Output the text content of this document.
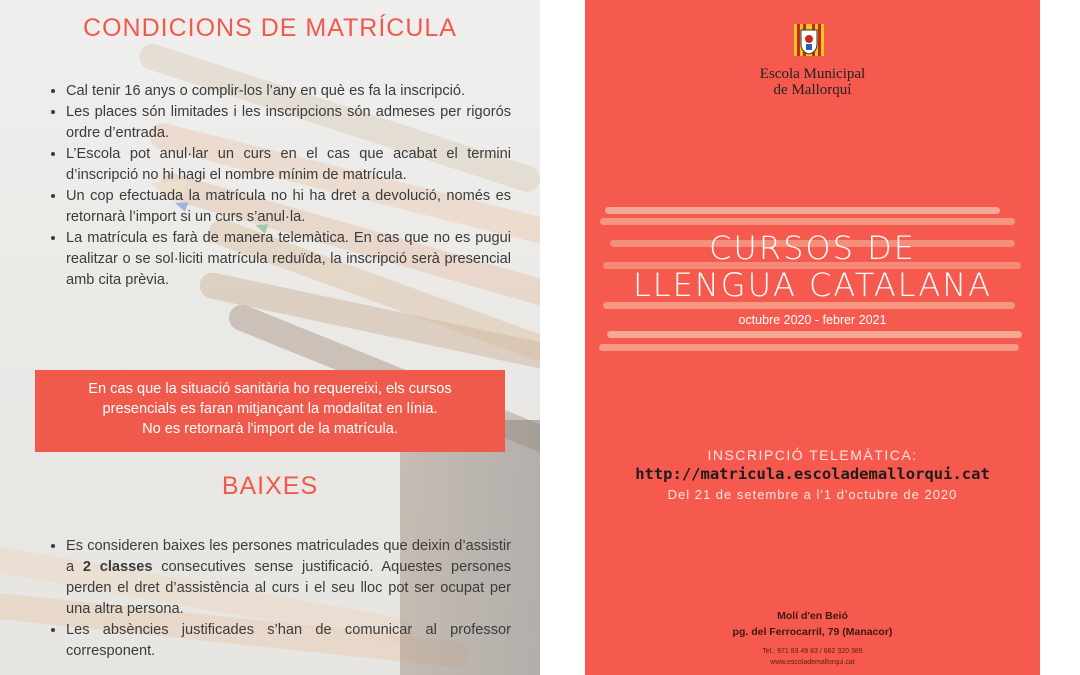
CONDICIONS DE MATRÍCULA
• Cal tenir 16 anys o complir-los l’any en què es fa la inscripció.
• Les places són limitades i les inscripcions són admeses per rigorós ordre d’entrada.
• L’Escola pot anul·lar un curs en el cas que acabat el termini d’inscripció no hi hagi el nombre mínim de matrícula.
• Un cop efectuada la matrícula no hi ha dret a devolució, només es retornarà l’import si un curs s’anul·la.
• La matrícula es farà de manera telemàtica. En cas que no es pugui realitzar o se sol·liciti matrícula reduïda, la inscripció serà presencial amb cita prèvia.
En cas que la situació sanitària ho requereixi, els cursos
presencials es faran mitjançant la modalitat en línia.
No es retornarà l'import de la matrícula.
BAIXES
• Es consideren baixes les persones matriculades que deixin d’assistir a 2 classes consecutives sense justificació. Aquestes persones perden el dret d’assistència al curs i el seu lloc pot ser ocupat per una altra persona.
• Les absències justificades s’han de comunicar al professor corresponent.
Escola Municipal
de Mallorquí
CURSOS DE
LLENGUA CATALANA
octubre 2020 - febrer 2021
INSCRIPCIÓ TELEMÀTICA:
http://matricula.escolademallorqui.cat
Del 21 de setembre a l'1 d'octubre de 2020
Molí d'en Beió
pg. del Ferrocarril, 79 (Manacor)
Tel.: 971 83 49 83 / 662 320 385
www.escolademallorqui.cat
